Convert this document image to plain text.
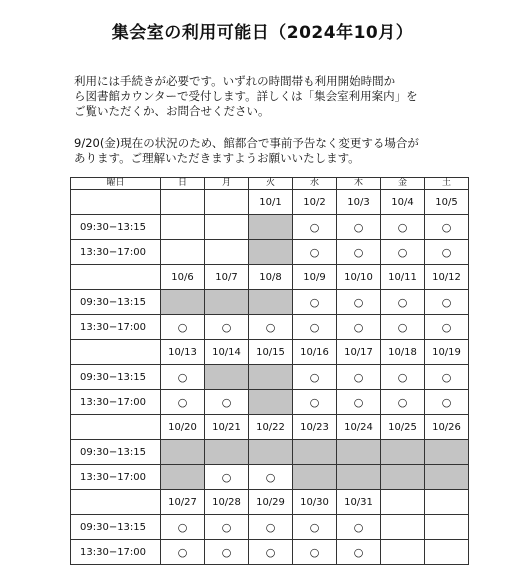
集会室の利用可能日（2024年10月）
利用には手続きが必要です。いずれの時間帯も利用開始時間か
ら図書館カウンターで受付します。詳しくは「集会室利用案内」を
ご覧いただくか、お問合せください。
9/20(金)現在の状況のため、館都合で事前予告なく変更する場合が
あります。ご理解いただきますようお願いいたします。
曜日	日	月	火	水	木	金	土
			10/1	10/2	10/3	10/4	10/5
09:30−13:15				○	○	○	○
13:30−17:00				○	○	○	○
	10/6	10/7	10/8	10/9	10/10	10/11	10/12
09:30−13:15				○	○	○	○
13:30−17:00	○	○	○	○	○	○	○
	10/13	10/14	10/15	10/16	10/17	10/18	10/19
09:30−13:15	○			○	○	○	○
13:30−17:00	○	○		○	○	○	○
	10/20	10/21	10/22	10/23	10/24	10/25	10/26
09:30−13:15							
13:30−17:00		○	○				
	10/27	10/28	10/29	10/30	10/31		
09:30−13:15	○	○	○	○	○		
13:30−17:00	○	○	○	○	○		
